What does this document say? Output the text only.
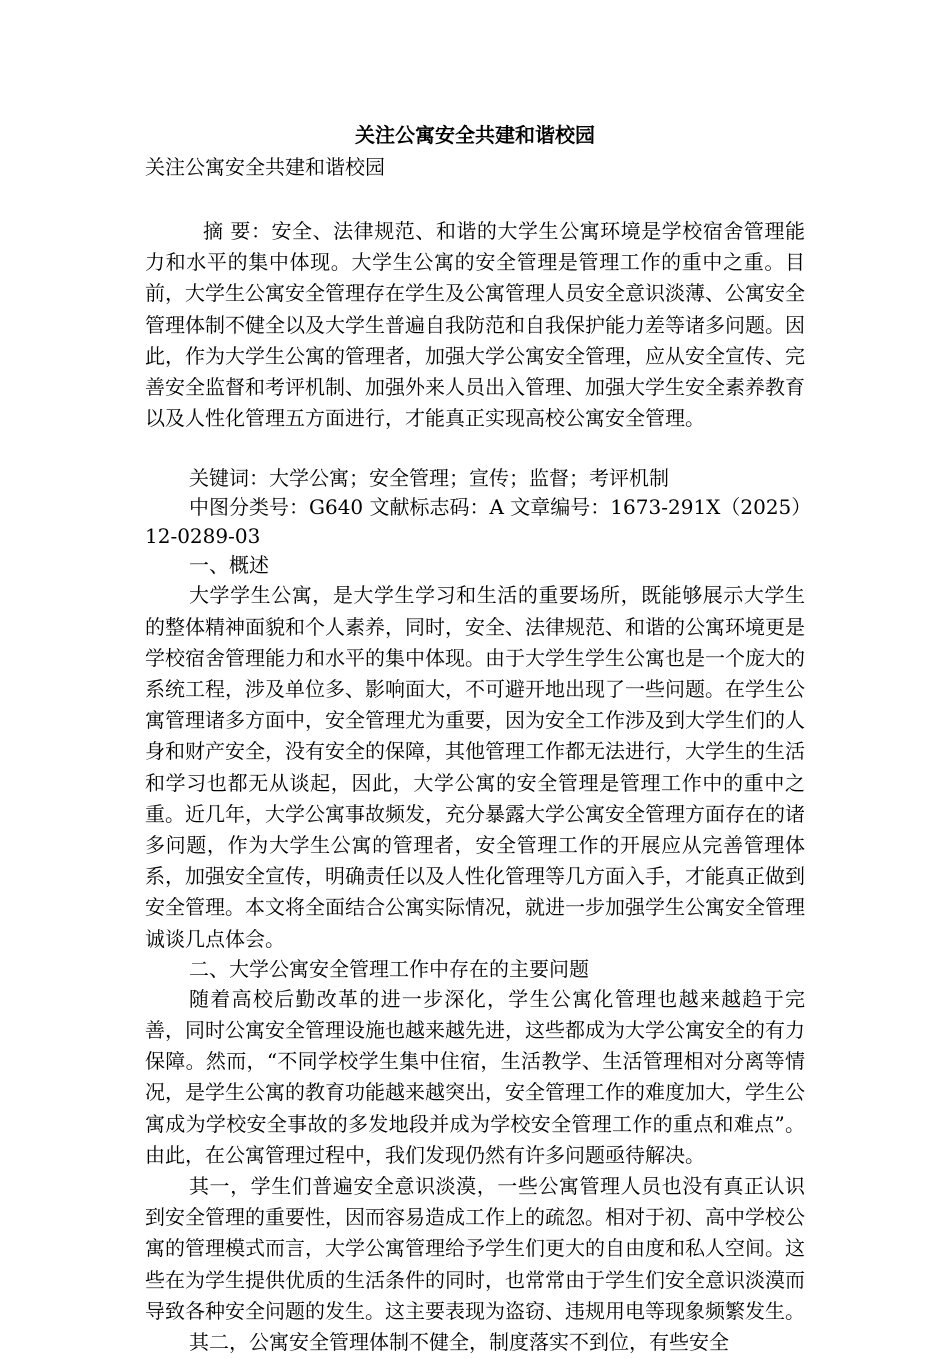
关注公寓安全共建和谐校园

关注公寓安全共建和谐校园

摘 要：安全、法律规范、和谐的大学生公寓环境是学校宿舍管理能力和水平的集中体现。大学生公寓的安全管理是管理工作的重中之重。目前，大学生公寓安全管理存在学生及公寓管理人员安全意识淡薄、公寓安全管理体制不健全以及大学生普遍自我防范和自我保护能力差等诸多问题。因此，作为大学生公寓的管理者，加强大学公寓安全管理，应从安全宣传、完善安全监督和考评机制、加强外来人员出入管理、加强大学生安全素养教育以及人性化管理五方面进行，才能真正实现高校公寓安全管理。

关键词：大学公寓；安全管理；宣传；监督；考评机制

中图分类号：G640 文献标志码：A 文章编号：1673-291X（2025）12-0289-03

一、概述

大学学生公寓，是大学生学习和生活的重要场所，既能够展示大学生的整体精神面貌和个人素养，同时，安全、法律规范、和谐的公寓环境更是学校宿舍管理能力和水平的集中体现。由于大学生学生公寓也是一个庞大的系统工程，涉及单位多、影响面大，不可避开地出现了一些问题。在学生公寓管理诸多方面中，安全管理尤为重要，因为安全工作涉及到大学生们的人身和财产安全，没有安全的保障，其他管理工作都无法进行，大学生的生活和学习也都无从谈起，因此，大学公寓的安全管理是管理工作中的重中之重。近几年，大学公寓事故频发，充分暴露大学公寓安全管理方面存在的诸多问题，作为大学生公寓的管理者，安全管理工作的开展应从完善管理体系，加强安全宣传，明确责任以及人性化管理等几方面入手，才能真正做到安全管理。本文将全面结合公寓实际情况，就进一步加强学生公寓安全管理诚谈几点体会。

二、大学公寓安全管理工作中存在的主要问题

随着高校后勤改革的进一步深化，学生公寓化管理也越来越趋于完善，同时公寓安全管理设施也越来越先进，这些都成为大学公寓安全的有力保障。然而，“不同学校学生集中住宿，生活教学、生活管理相对分离等情况，是学生公寓的教育功能越来越突出，安全管理工作的难度加大，学生公寓成为学校安全事故的多发地段并成为学校安全管理工作的重点和难点”。由此，在公寓管理过程中，我们发现仍然有许多问题亟待解决。

其一，学生们普遍安全意识淡漠，一些公寓管理人员也没有真正认识到安全管理的重要性，因而容易造成工作上的疏忽。相对于初、高中学校公寓的管理模式而言，大学公寓管理给予学生们更大的自由度和私人空间。这些在为学生提供优质的生活条件的同时，也常常由于学生们安全意识淡漠而导致各种安全问题的发生。这主要表现为盗窃、违规用电等现象频繁发生。

其二，公寓安全管理体制不健全，制度落实不到位，有些安全
